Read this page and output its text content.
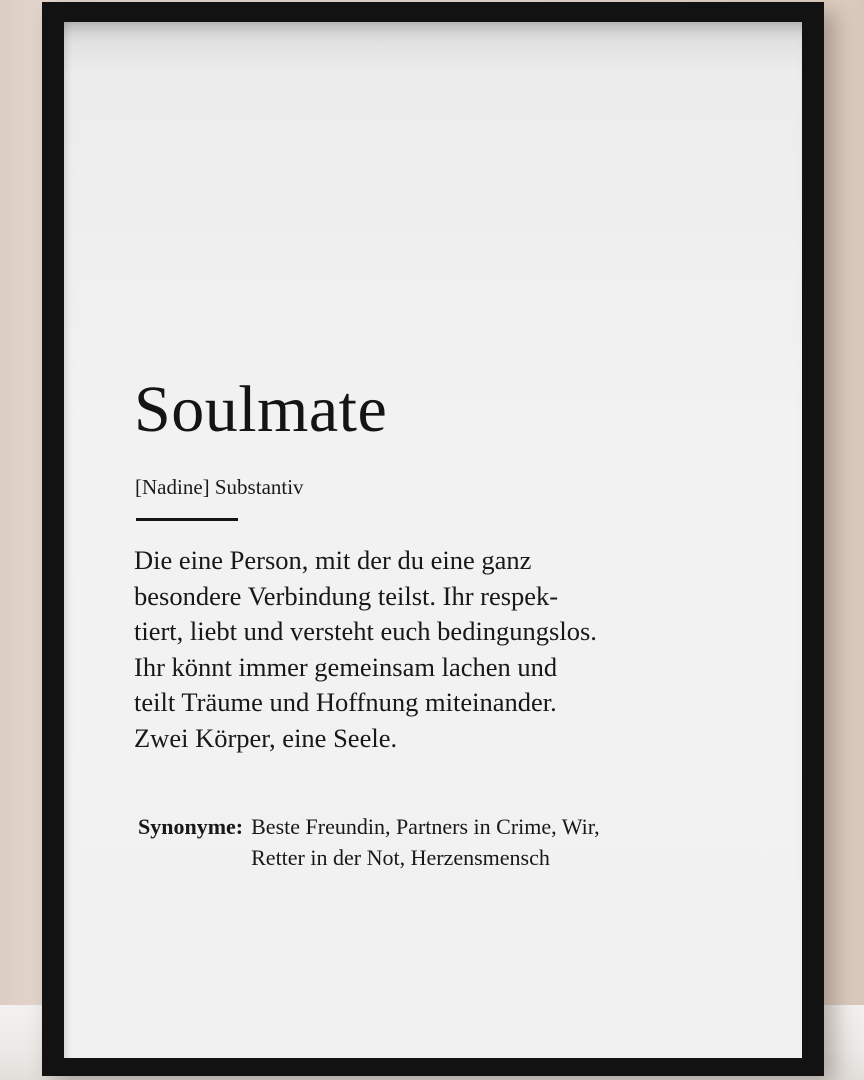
Soulmate
[Nadine] Substantiv
Die eine Person, mit der du eine ganz
besondere Verbindung teilst. Ihr respek-
tiert, liebt und versteht euch bedingungslos.
Ihr könnt immer gemeinsam lachen und
teilt Träume und Hoffnung miteinander.
Zwei Körper, eine Seele.
Synonyme: Beste Freundin, Partners in Crime, Wir,
Retter in der Not, Herzensmensch
